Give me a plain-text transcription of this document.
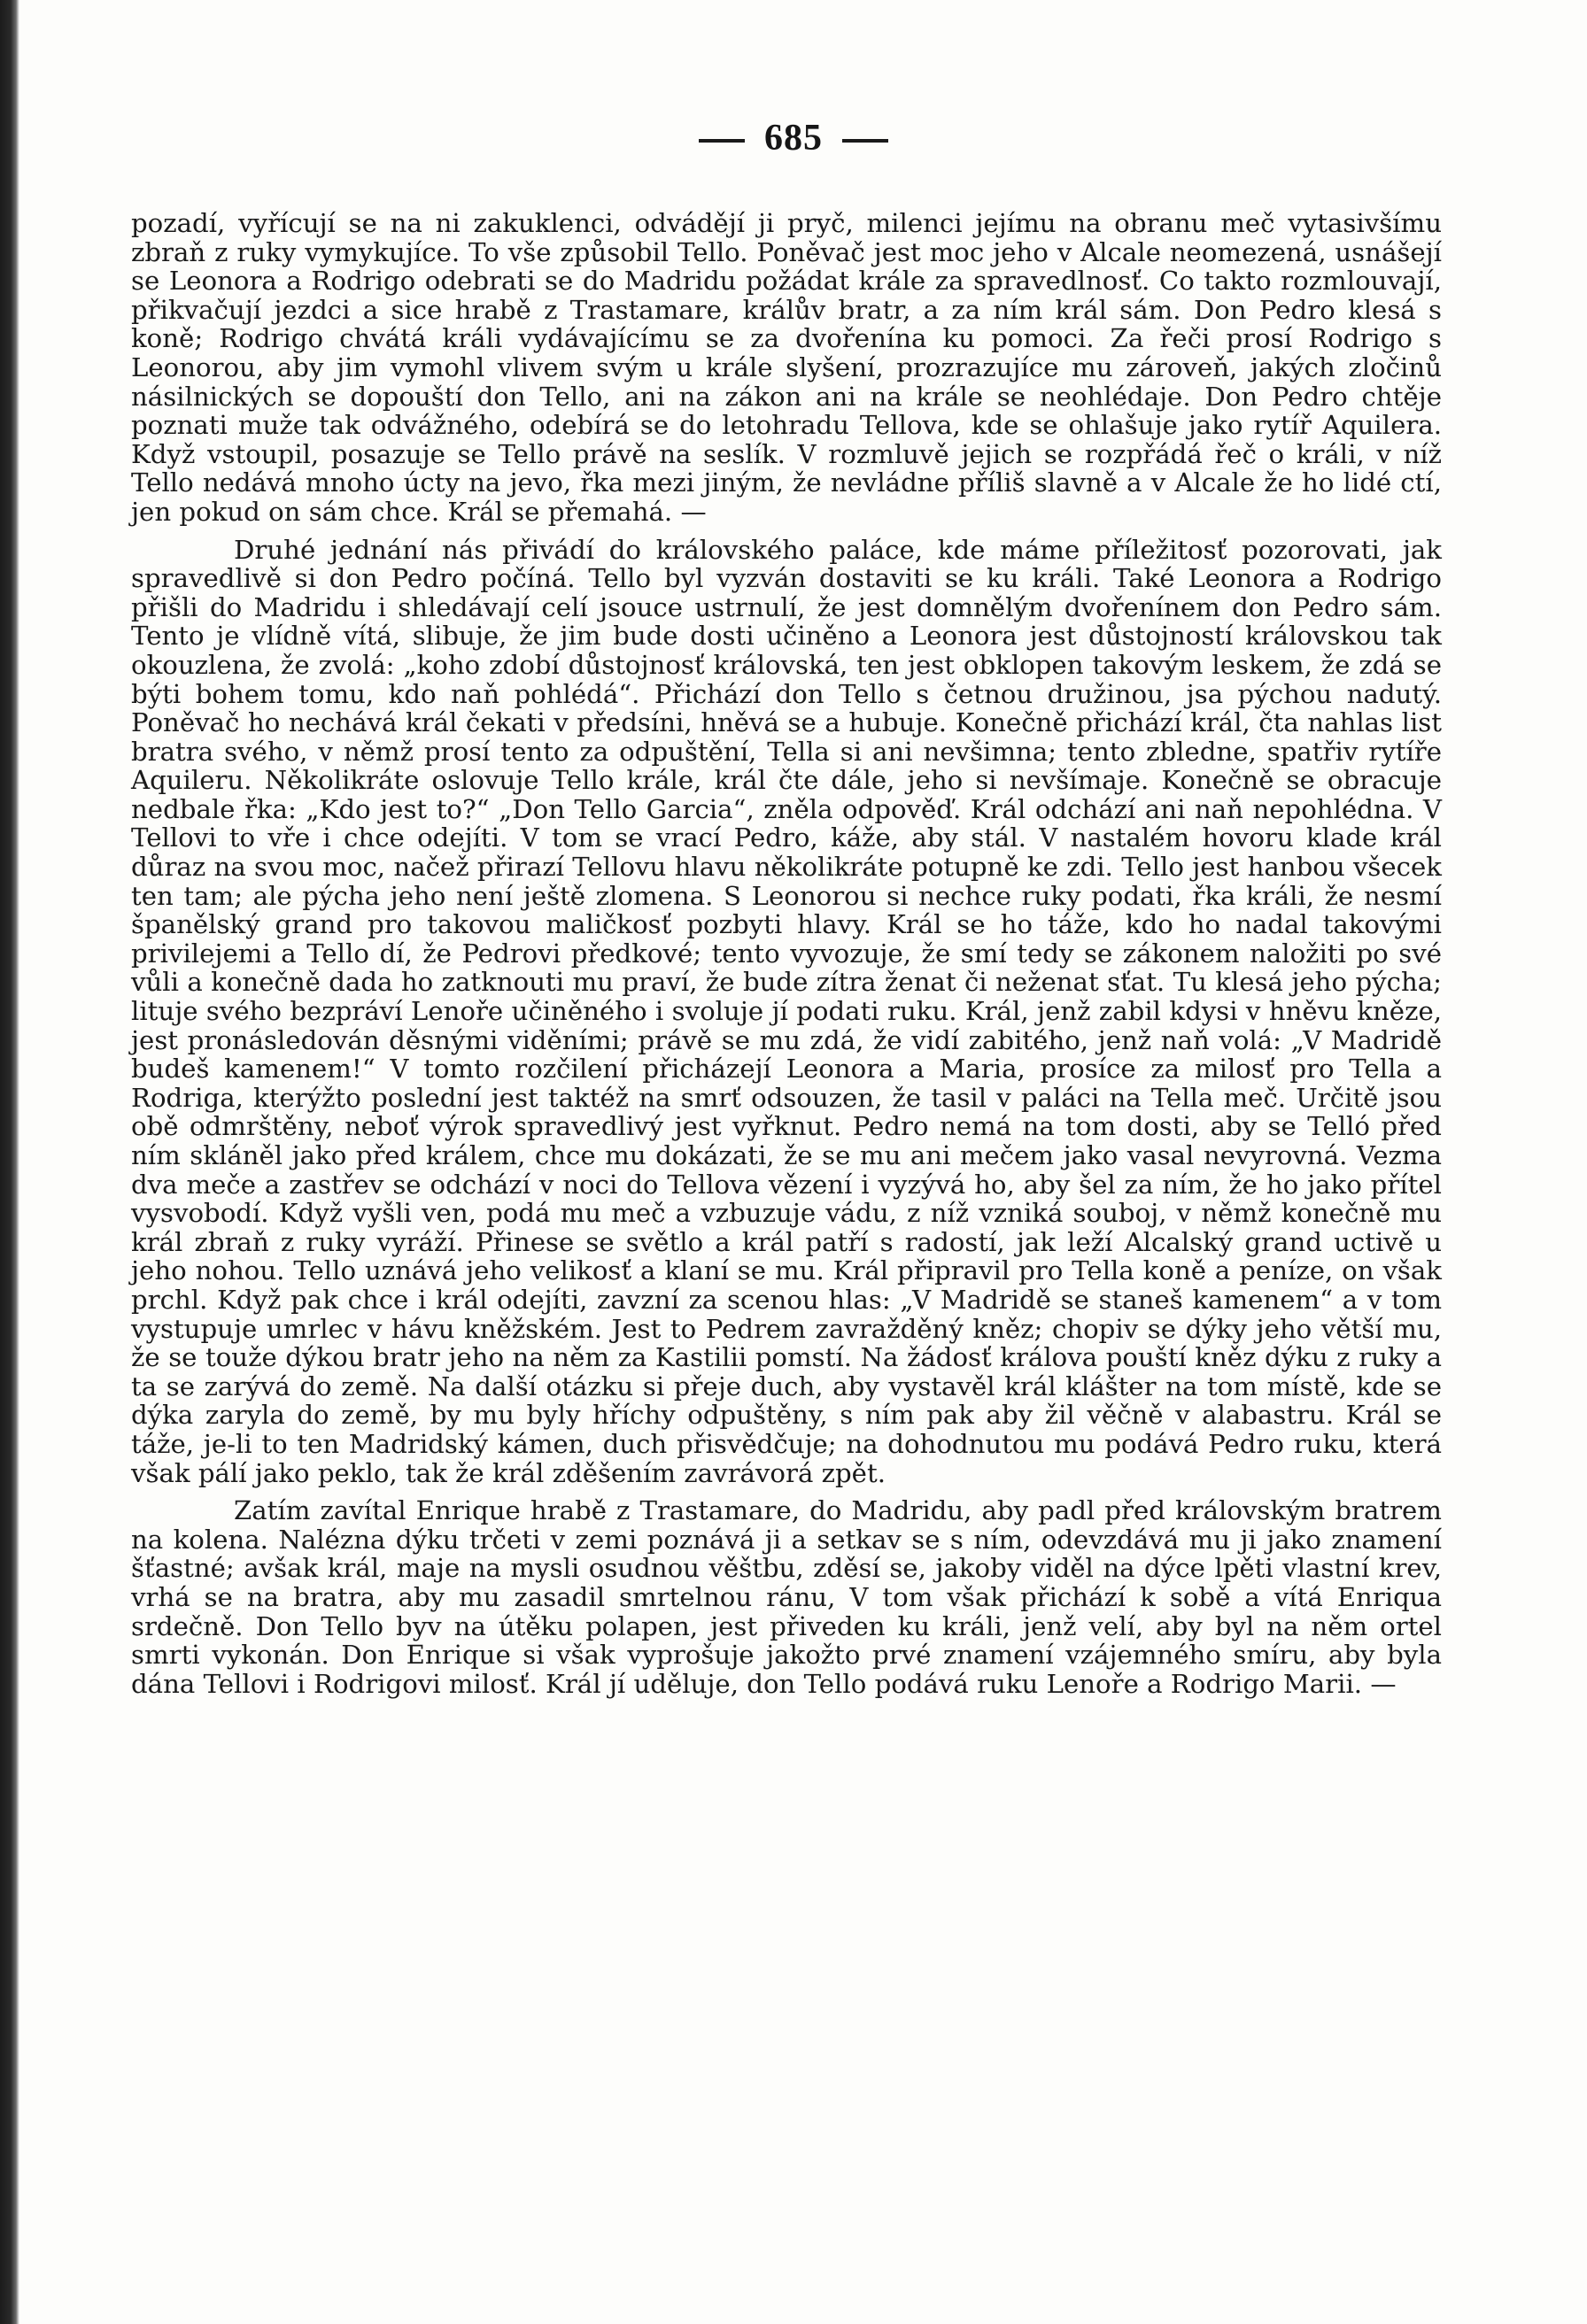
685

pozadí, vyřícují se na ni zakuklenci, odvádějí ji pryč, milenci jejímu na obranu meč vytasivšímu zbraň z ruky vymykujíce. To vše způsobil Tello. Poněvač jest moc jeho v Alcale neomezená, usnášejí se Leonora a Rodrigo odebrati se do Madridu požádat krále za spravedlnosť. Co takto rozmlouvají, přikvačují jezdci a sice hrabě z Trastamare, králův bratr, a za ním král sám. Don Pedro klesá s koně; Rodrigo chvátá králi vydávajícímu se za dvořenína ku pomoci. Za řeči prosí Rodrigo s Leonorou, aby jim vymohl vlivem svým u krále slyšení, prozrazujíce mu zároveň, jakých zločinů násilnických se dopouští don Tello, ani na zákon ani na krále se neohlédaje. Don Pedro chtěje poznati muže tak odvážného, odebírá se do letohradu Tellova, kde se ohlašuje jako rytíř Aquilera. Když vstoupil, posazuje se Tello právě na seslík. V rozmluvě jejich se rozpřádá řeč o králi, v níž Tello nedává mnoho úcty na jevo, řka mezi jiným, že nevládne příliš slavně a v Alcale že ho lidé ctí, jen pokud on sám chce. Král se přemahá. —

Druhé jednání nás přivádí do královského paláce, kde máme příležitosť pozorovati, jak spravedlivě si don Pedro počíná. Tello byl vyzván dostaviti se ku králi. Také Leonora a Rodrigo přišli do Madridu i shledávají celí jsouce ustrnulí, že jest domnělým dvořenínem don Pedro sám. Tento je vlídně vítá, slibuje, že jim bude dosti učiněno a Leonora jest důstojností královskou tak okouzlena, že zvolá: „koho zdobí důstojnosť královská, ten jest obklopen takovým leskem, že zdá se býti bohem tomu, kdo naň pohlédá“. Přichází don Tello s četnou družinou, jsa pýchou nadutý. Poněvač ho nechává král čekati v předsíni, hněvá se a hubuje. Konečně přichází král, čta nahlas list bratra svého, v němž prosí tento za odpuštění, Tella si ani nevšimna; tento zbledne, spatřiv rytíře Aquileru. Několikráte oslovuje Tello krále, král čte dále, jeho si nevšímaje. Konečně se obracuje nedbale řka: „Kdo jest to?“ „Don Tello Garcia“, zněla odpověď. Král odchází ani naň nepohlédna. V Tellovi to vře i chce odejíti. V tom se vrací Pedro, káže, aby stál. V nastalém hovoru klade král důraz na svou moc, načež přirazí Tellovu hlavu několikráte potupně ke zdi. Tello jest hanbou všecek ten tam; ale pýcha jeho není ještě zlomena. S Leonorou si nechce ruky podati, řka králi, že nesmí španělský grand pro takovou maličkosť pozbyti hlavy. Král se ho táže, kdo ho nadal takovými privilejemi a Tello dí, že Pedrovi předkové; tento vyvozuje, že smí tedy se zákonem naložiti po své vůli a konečně dada ho zatknouti mu praví, že bude zítra ženat či neženat sťat. Tu klesá jeho pýcha; lituje svého bezpráví Lenoře učiněného i svoluje jí podati ruku. Král, jenž zabil kdysi v hněvu kněze, jest pronásledován děsnými viděními; právě se mu zdá, že vidí zabitého, jenž naň volá: „V Madridě budeš kamenem!“ V tomto rozčilení přicházejí Leonora a Maria, prosíce za milosť pro Tella a Rodriga, kterýžto poslední jest taktéž na smrť odsouzen, že tasil v paláci na Tella meč. Určitě jsou obě odmrštěny, neboť výrok spravedlivý jest vyřknut. Pedro nemá na tom dosti, aby se Telló před ním skláněl jako před králem, chce mu dokázati, že se mu ani mečem jako vasal nevyrovná. Vezma dva meče a zastřev se odchází v noci do Tellova vězení i vyzývá ho, aby šel za ním, že ho jako přítel vysvobodí. Když vyšli ven, podá mu meč a vzbuzuje vádu, z níž vzniká souboj, v němž konečně mu král zbraň z ruky vyráží. Přinese se světlo a král patří s radostí, jak leží Alcalský grand uctivě u jeho nohou. Tello uznává jeho velikosť a klaní se mu. Král připravil pro Tella koně a peníze, on však prchl. Když pak chce i král odejíti, zavzní za scenou hlas: „V Madridě se staneš kamenem“ a v tom vystupuje umrlec v hávu kněžském. Jest to Pedrem zavražděný kněz; chopiv se dýky jeho větší mu, že se touže dýkou bratr jeho na něm za Kastilii pomstí. Na žádosť králova pouští kněz dýku z ruky a ta se zarývá do země. Na další otázku si přeje duch, aby vystavěl král klášter na tom místě, kde se dýka zaryla do země, by mu byly hříchy odpuštěny, s ním pak aby žil věčně v alabastru. Král se táže, je-li to ten Madridský kámen, duch přisvědčuje; na dohodnutou mu podává Pedro ruku, která však pálí jako peklo, tak že král zděšením zavrávorá zpět.

Zatím zavítal Enrique hrabě z Trastamare, do Madridu, aby padl před královským bratrem na kolena. Nalézna dýku trčeti v zemi poznává ji a setkav se s ním, odevzdává mu ji jako znamení šťastné; avšak král, maje na mysli osudnou věštbu, zděsí se, jakoby viděl na dýce lpěti vlastní krev, vrhá se na bratra, aby mu zasadil smrtelnou ránu, V tom však přichází k sobě a vítá Enriqua srdečně. Don Tello byv na útěku polapen, jest přiveden ku králi, jenž velí, aby byl na něm ortel smrti vykonán. Don Enrique si však vyprošuje jakožto prvé znamení vzájemného smíru, aby byla dána Tellovi i Rodrigovi milosť. Král jí uděluje, don Tello podává ruku Lenoře a Rodrigo Marii. —
